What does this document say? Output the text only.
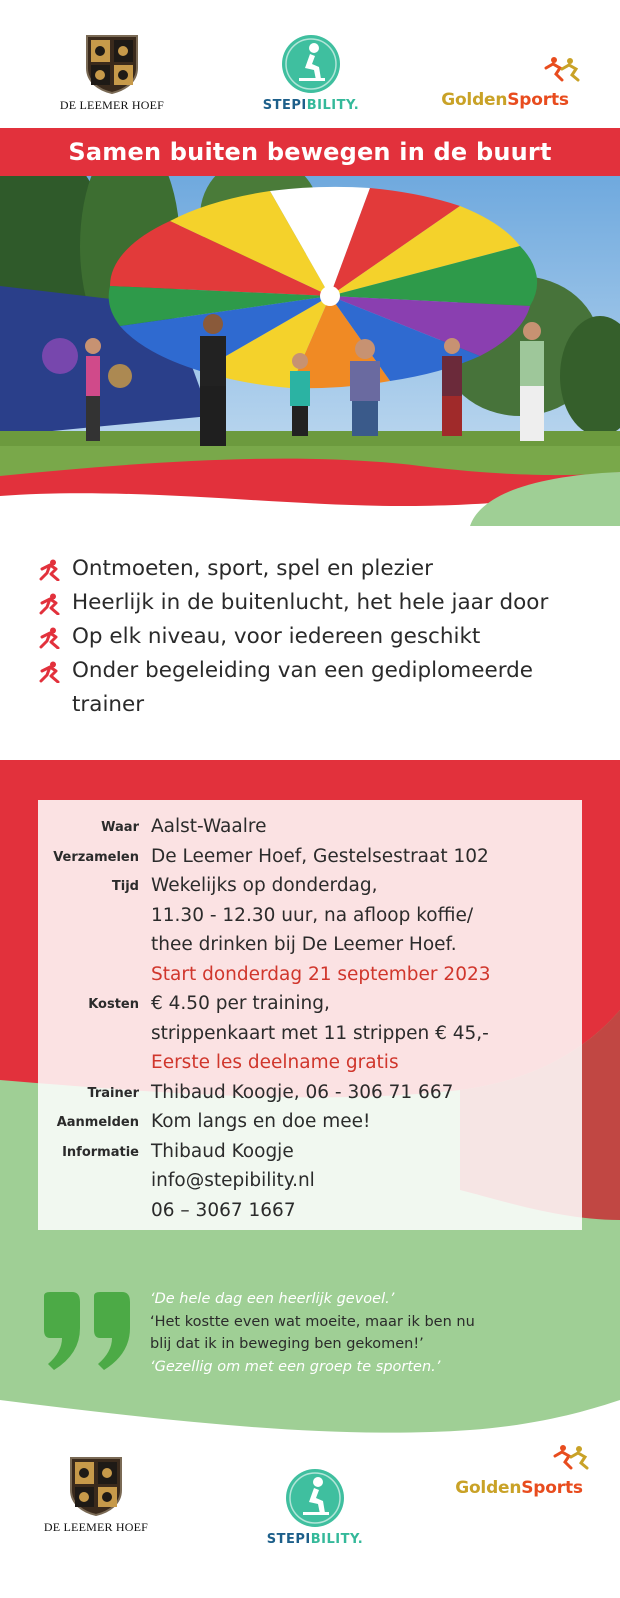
DE LEEMER HOEF	STEPIBILITY.	GoldenSports
Samen buiten bewegen in de buurt
Ontmoeten, sport, spel en plezier
Heerlijk in de buitenlucht, het hele jaar door
Op elk niveau, voor iedereen geschikt
Onder begeleiding van een gediplomeerde
trainer
Waar Aalst-Waalre
Verzamelen De Leemer Hoef, Gestelsestraat 102
Tijd Wekelijks op donderdag,
11.30 - 12.30 uur, na afloop koffie/
thee drinken bij De Leemer Hoef.
Start donderdag 21 september 2023
Kosten € 4.50 per training,
strippenkaart met 11 strippen € 45,-
Eerste les deelname gratis
Trainer Thibaud Koogje, 06 - 306 71 667
Aanmelden Kom langs en doe mee!
Informatie Thibaud Koogje
info@stepibility.nl
06 – 3067 1667
‘De hele dag een heerlijk gevoel.’
‘Het kostte even wat moeite, maar ik ben nu
blij dat ik in beweging ben gekomen!’
‘Gezellig om met een groep te sporten.’
DE LEEMER HOEF
STEPIBILITY.
GoldenSports
